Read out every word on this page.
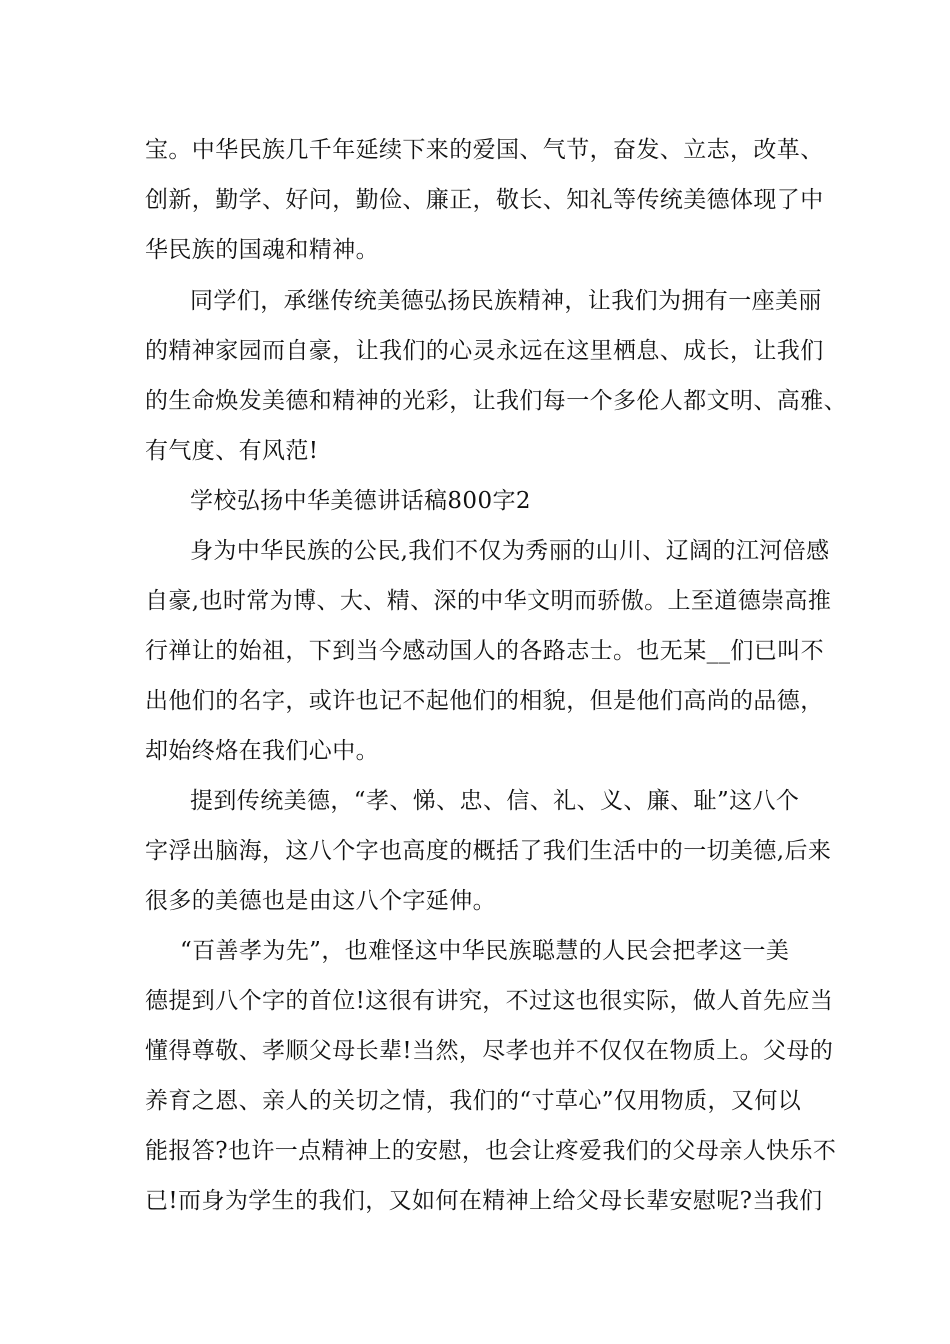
宝。中华民族几千年延续下来的爱国、气节，奋发、立志，改革、
创新，勤学、好问，勤俭、廉正，敬长、知礼等传统美德体现了中
华民族的国魂和精神。
同学们，承继传统美德弘扬民族精神，让我们为拥有一座美丽
的精神家园而自豪，让我们的心灵永远在这里栖息、成长，让我们
的生命焕发美德和精神的光彩，让我们每一个多伦人都文明、高雅、
有气度、有风范!
学校弘扬中华美德讲话稿800字2
身为中华民族的公民,我们不仅为秀丽的山川、辽阔的江河倍感
自豪,也时常为博、大、精、深的中华文明而骄傲。上至道德崇高推
行禅让的始祖，下到当今感动国人的各路志士。也无某__们已叫不
出他们的名字，或许也记不起他们的相貌，但是他们高尚的品德，
却始终烙在我们心中。
提到传统美德，“孝、悌、忠、信、礼、义、廉、耻”这八个
字浮出脑海，这八个字也高度的概括了我们生活中的一切美德,后来
很多的美德也是由这八个字延伸。
“百善孝为先”，也难怪这中华民族聪慧的人民会把孝这一美
德提到八个字的首位!这很有讲究，不过这也很实际，做人首先应当
懂得尊敬、孝顺父母长辈!当然，尽孝也并不仅仅在物质上。父母的
养育之恩、亲人的关切之情，我们的“寸草心”仅用物质，又何以
能报答?也许一点精神上的安慰，也会让疼爱我们的父母亲人快乐不
已!而身为学生的我们，又如何在精神上给父母长辈安慰呢?当我们
